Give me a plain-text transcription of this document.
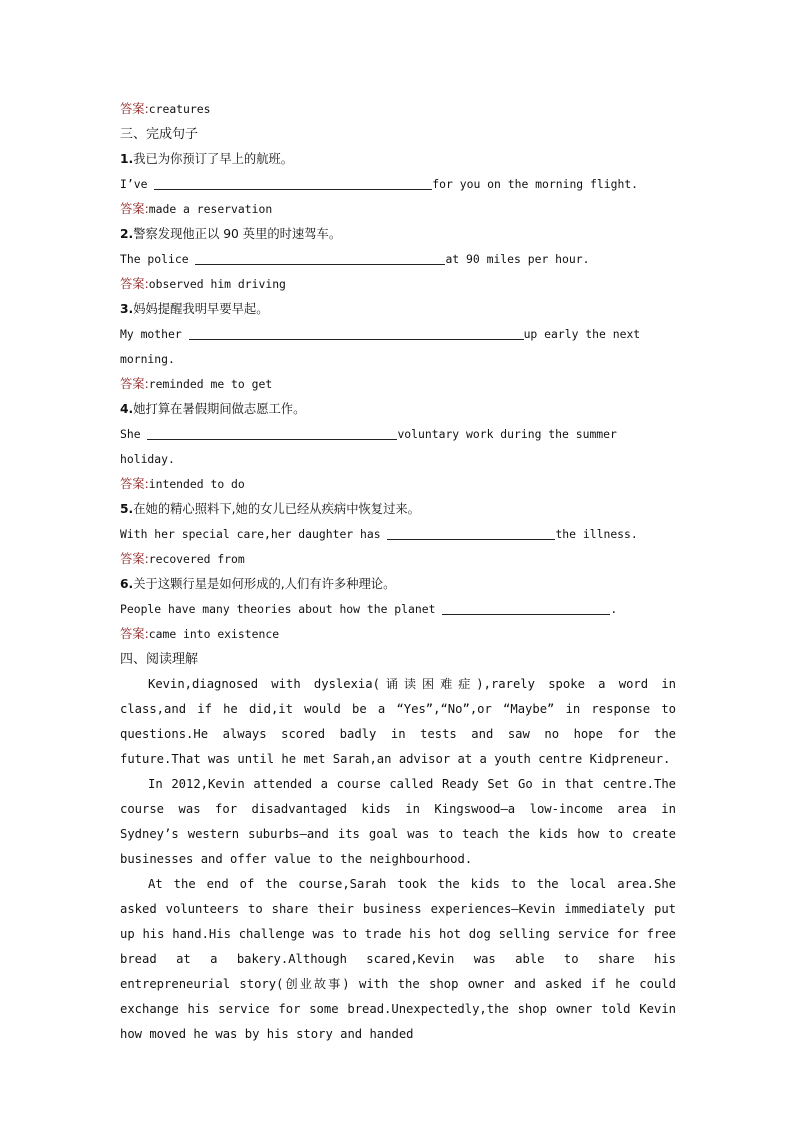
答案:creatures
三、完成句子
1.我已为你预订了早上的航班。
I’ve	for you on the morning flight.
答案:made a reservation
2.警察发现他正以 90 英里的时速驾车。
The police	at 90 miles per hour.
答案:observed him driving
3.妈妈提醒我明早要早起。
My mother	up early the next
morning.
答案:reminded me to get
4.她打算在暑假期间做志愿工作。
She	voluntary work during the summer
holiday.
答案:intended to do
5.在她的精心照料下,她的女儿已经从疾病中恢复过来。
With her special care,her daughter has	the illness.
答案:recovered from
6.关于这颗行星是如何形成的,人们有许多种理论。
People have many theories about how the planet	.
答案:came into existence
四、阅读理解
Kevin,diagnosed with dyslexia(诵读困难症),rarely spoke a word in class,and if he did,it would be a “Yes”,“No”,or “Maybe” in response to questions.He always scored badly in tests and saw no hope for the future.That was until he met Sarah,an advisor at a youth centre Kidpreneur.
In 2012,Kevin attended a course called Ready Set Go in that centre.The course was for disadvantaged kids in Kingswood—a low-income area in Sydney’s western suburbs—and its goal was to teach the kids how to create businesses and offer value to the neighbourhood.
At the end of the course,Sarah took the kids to the local area.She asked volunteers to share their business experiences—Kevin immediately put up his hand.His challenge was to trade his hot dog selling service for free bread at a bakery.Although scared,Kevin was able to share his entrepreneurial story(创业故事) with the shop owner and asked if he could exchange his service for some bread.Unexpectedly,the shop owner told Kevin how moved he was by his story and handed
